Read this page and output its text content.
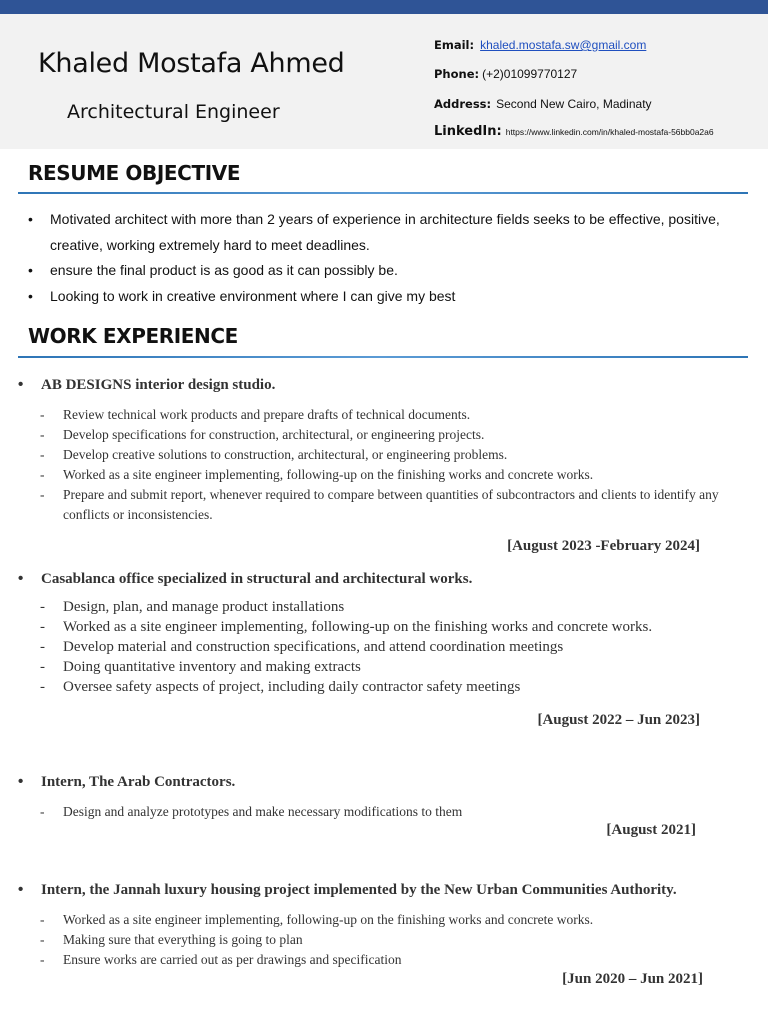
Khaled Mostafa Ahmed
Architectural Engineer
Email: khaled.mostafa.sw@gmail.com
Phone: (+2)01099770127
Address: Second New Cairo, Madinaty
LinkedIn: https://www.linkedin.com/in/khaled-mostafa-56bb0a2a6
RESUME OBJECTIVE
• Motivated architect with more than 2 years of experience in architecture fields seeks to be effective, positive, creative, working extremely hard to meet deadlines.
• ensure the final product is as good as it can possibly be.
• Looking to work in creative environment where I can give my best
WORK EXPERIENCE
• AB DESIGNS interior design studio.
- Review technical work products and prepare drafts of technical documents.
- Develop specifications for construction, architectural, or engineering projects.
- Develop creative solutions to construction, architectural, or engineering problems.
- Worked as a site engineer implementing, following-up on the finishing works and concrete works.
- Prepare and submit report, whenever required to compare between quantities of subcontractors and clients to identify any conflicts or inconsistencies.
[August 2023 -February 2024]
• Casablanca office specialized in structural and architectural works.
- Design, plan, and manage product installations
- Worked as a site engineer implementing, following-up on the finishing works and concrete works.
- Develop material and construction specifications, and attend coordination meetings
- Doing quantitative inventory and making extracts
- Oversee safety aspects of project, including daily contractor safety meetings
[August 2022 – Jun 2023]
• Intern, The Arab Contractors.
- Design and analyze prototypes and make necessary modifications to them
[August 2021]
• Intern, the Jannah luxury housing project implemented by the New Urban Communities Authority.
- Worked as a site engineer implementing, following-up on the finishing works and concrete works.
- Making sure that everything is going to plan
- Ensure works are carried out as per drawings and specification
[Jun 2020 – Jun 2021]
